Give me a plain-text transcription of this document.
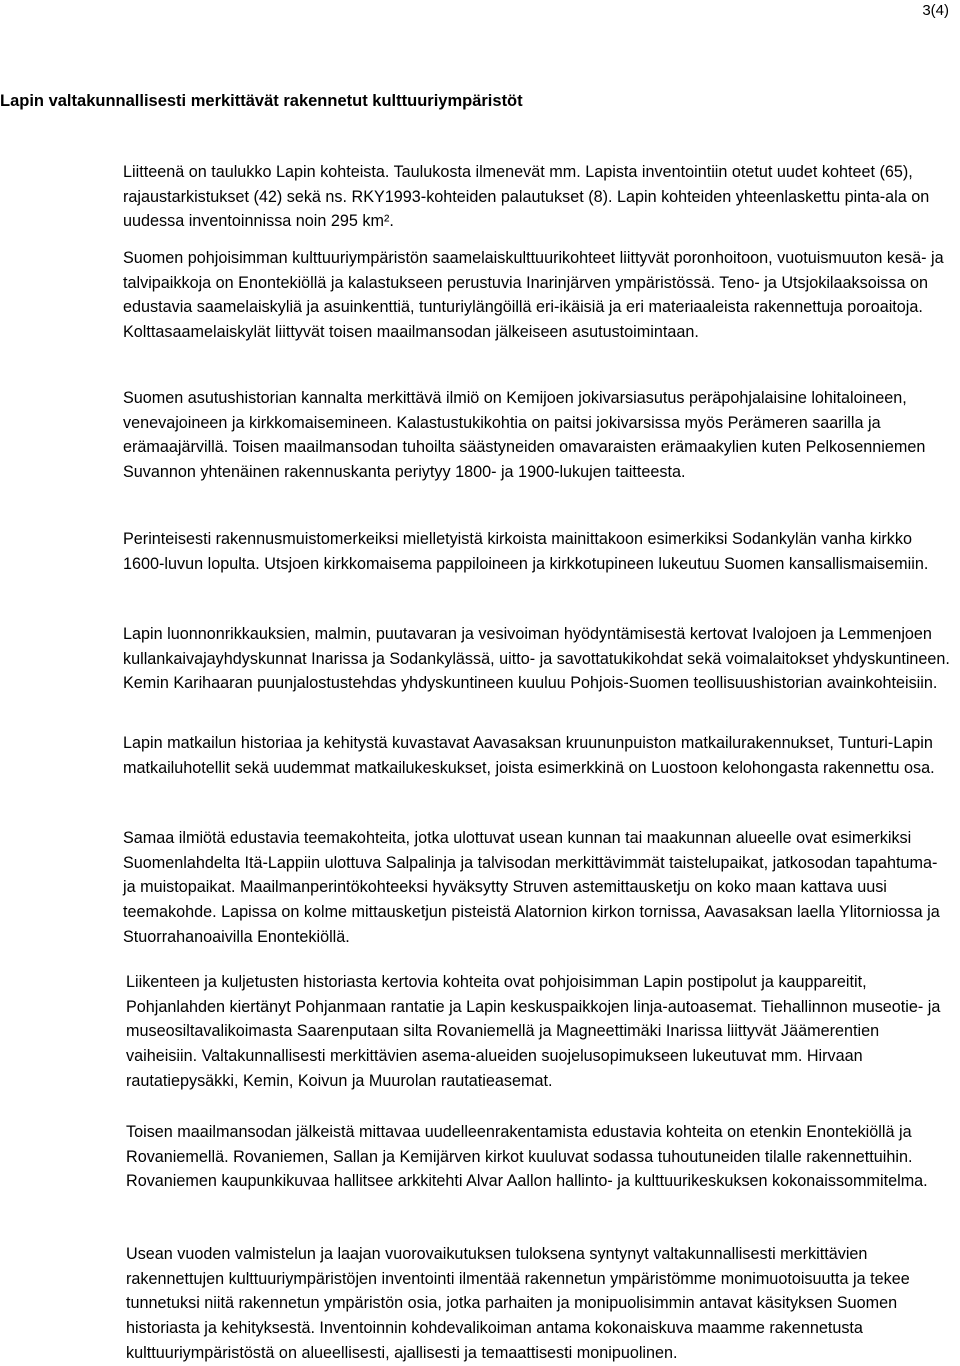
3(4)
Lapin valtakunnallisesti merkittävät rakennetut kulttuuriympäristöt

Liitteenä on taulukko Lapin kohteista. Taulukosta ilmenevät mm. Lapista inventointiin otetut uudet kohteet (65), rajaustarkistukset (42) sekä ns. RKY1993-kohteiden palautukset (8). Lapin kohteiden yhteenlaskettu pinta-ala on uudessa inventoinnissa noin 295 km².

Suomen pohjoisimman kulttuuriympäristön saamelaiskulttuurikohteet liittyvät poronhoitoon, vuotuismuuton kesä- ja talvipaikkoja on Enontekiöllä ja kalastukseen perustuvia Inarinjärven ympäristössä. Teno- ja Utsjokilaaksoissa on edustavia saamelaiskyliä ja asuinkenttiä, tunturiylängöillä eri-ikäisiä ja eri materiaaleista rakennettuja poroaitoja. Kolttasaamelaiskylät liittyvät toisen maailmansodan jälkeiseen asutustoimintaan.

Suomen asutushistorian kannalta merkittävä ilmiö on Kemijoen jokivarsiasutus peräpohjalaisine lohitaloineen, venevajoineen ja kirkkomaisemineen. Kalastustukikohtia on paitsi jokivarsissa myös Perämeren saarilla ja erämaajärvillä. Toisen maailmansodan tuhoilta säästyneiden omavaraisten erämaakylien kuten Pelkosenniemen Suvannon yhtenäinen rakennuskanta periytyy 1800- ja 1900-lukujen taitteesta.

Perinteisesti rakennusmuistomerkeiksi mielletyistä kirkoista mainittakoon esimerkiksi Sodankylän vanha kirkko 1600-luvun lopulta. Utsjoen kirkkomaisema pappiloineen ja kirkkotupineen lukeutuu Suomen kansallismaisemiin.

Lapin luonnonrikkauksien, malmin, puutavaran ja vesivoiman hyödyntämisestä kertovat Ivalojoen ja Lemmenjoen kullankaivajayhdyskunnat Inarissa ja Sodankylässä, uitto- ja savottatukikohdat sekä voimalaitokset yhdyskuntineen. Kemin Karihaaran puunjalostustehdas yhdyskuntineen kuuluu Pohjois-Suomen teollisuushistorian avainkohteisiin.

Lapin matkailun historiaa ja kehitystä kuvastavat Aavasaksan kruununpuiston matkailurakennukset, Tunturi-Lapin matkailuhotellit sekä uudemmat matkailukeskukset, joista esimerkkinä on Luostoon kelohongasta rakennettu osa.

Samaa ilmiötä edustavia teemakohteita, jotka ulottuvat usean kunnan tai maakunnan alueelle ovat esimerkiksi Suomenlahdelta Itä-Lappiin ulottuva Salpalinja ja talvisodan merkittävimmät taistelupaikat, jatkosodan tapahtuma- ja muistopaikat. Maailmanperintökohteeksi hyväksytty Struven astemittausketju on koko maan kattava uusi teemakohde. Lapissa on kolme mittausketjun pisteistä Alatornion kirkon tornissa, Aavasaksan laella Ylitorniossa ja Stuorrahanoaivilla Enontekiöllä.

Liikenteen ja kuljetusten historiasta kertovia kohteita ovat pohjoisimman Lapin postipolut ja kauppareitit, Pohjanlahden kiertänyt Pohjanmaan rantatie ja Lapin keskuspaikkojen linja-autoasemat. Tiehallinnon museotie- ja museosiltavalikoimasta Saarenputaan silta Rovaniemellä ja Magneettimäki Inarissa liittyvät Jäämerentien vaiheisiin. Valtakunnallisesti merkittävien asema-alueiden suojelusopimukseen lukeutuvat mm. Hirvaan rautatiepysäkki, Kemin, Koivun ja Muurolan rautatieasemat.

Toisen maailmansodan jälkeistä mittavaa uudelleenrakentamista edustavia kohteita on etenkin Enontekiöllä ja Rovaniemellä. Rovaniemen, Sallan ja Kemijärven kirkot kuuluvat sodassa tuhoutuneiden tilalle rakennettuihin. Rovaniemen kaupunkikuvaa hallitsee arkkitehti Alvar Aallon hallinto- ja kulttuurikeskuksen kokonaissommitelma.

Usean vuoden valmistelun ja laajan vuorovaikutuksen tuloksena syntynyt valtakunnallisesti merkittävien rakennettujen kulttuuriympäristöjen inventointi ilmentää rakennetun ympäristömme monimuotoisuutta ja tekee tunnetuksi niitä rakennetun ympäristön osia, jotka parhaiten ja monipuolisimmin antavat käsityksen Suomen historiasta ja kehityksestä. Inventoinnin kohdevalikoiman antama kokonaiskuva maamme rakennetusta kulttuuriympäristöstä on alueellisesti, ajallisesti ja temaattisesti monipuolinen.
